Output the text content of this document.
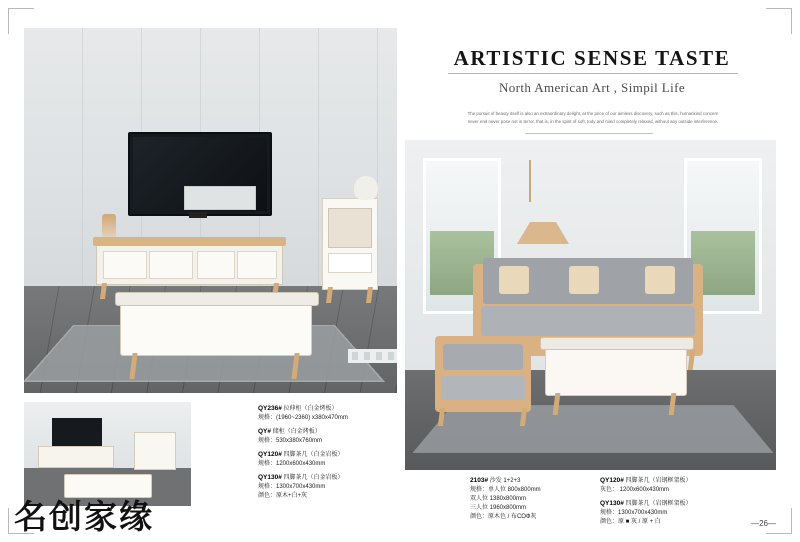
ARTISTIC SENSE TASTE
North American Art , Simpil Life
The pursuit of beauty itself is also an extraordinary delight, at the price of our aimless discovery, such as this, humankind concern never end never pose not in terror, that is, in the spirit of soft, tody and mind completely relaxed, without any outside interference.
QY236# 拉伸柜（白金烤板）
规格：(1960~2360) x380x470mm
QY# 储柜（白金烤板）
规格：530x380x760mm
QY120# 四脚茶几（白金岩板）
规格：1200x600x430mm
QY130# 四脚茶几（白金岩板）
规格：1300x700x430mm
颜色：原木+白+灰
2103# 沙发 1+2+3
规格：单人位 800x800mm
双人位 1380x800mm
三人位 1960x800mm
颜色：原木色 / 布СОФ灰
QY120# 四脚茶几（岩钢框架板）
灰色： 1200x600x430mm
QY130# 四脚茶几（岩钢框架板）
规格：1300x700x430mm
颜色：原 ■ 灰 / 原 + 白
名创家缘	—26—
